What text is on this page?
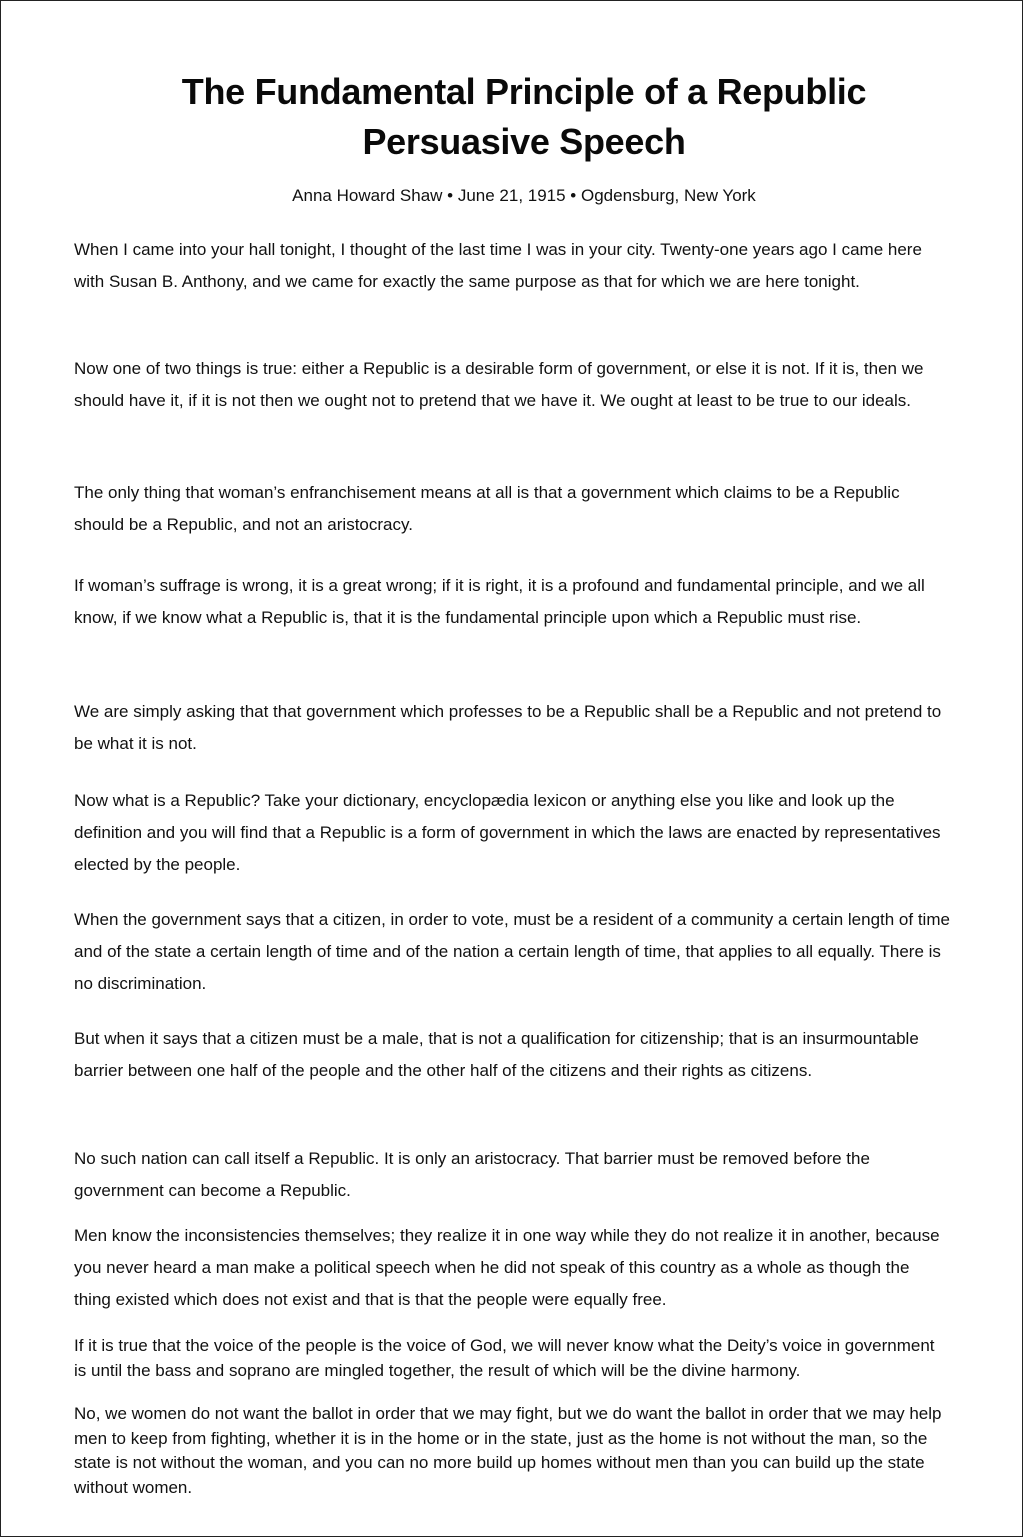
The Fundamental Principle of a Republic Persuasive Speech

Anna Howard Shaw • June 21, 1915 • Ogdensburg, New York

When I came into your hall tonight, I thought of the last time I was in your city. Twenty-one years ago I came here with Susan B. Anthony, and we came for exactly the same purpose as that for which we are here tonight.

Now one of two things is true: either a Republic is a desirable form of government, or else it is not. If it is, then we should have it, if it is not then we ought not to pretend that we have it. We ought at least to be true to our ideals.

The only thing that woman’s enfranchisement means at all is that a government which claims to be a Republic should be a Republic, and not an aristocracy.

If woman’s suffrage is wrong, it is a great wrong; if it is right, it is a profound and fundamental principle, and we all know, if we know what a Republic is, that it is the fundamental principle upon which a Republic must rise.

We are simply asking that that government which professes to be a Republic shall be a Republic and not pretend to be what it is not.

Now what is a Republic? Take your dictionary, encyclopædia lexicon or anything else you like and look up the definition and you will find that a Republic is a form of government in which the laws are enacted by representatives elected by the people.

When the government says that a citizen, in order to vote, must be a resident of a community a certain length of time and of the state a certain length of time and of the nation a certain length of time, that applies to all equally. There is no discrimination.

But when it says that a citizen must be a male, that is not a qualification for citizenship; that is an insurmountable barrier between one half of the people and the other half of the citizens and their rights as citizens.

No such nation can call itself a Republic. It is only an aristocracy. That barrier must be removed before the government can become a Republic.

Men know the inconsistencies themselves; they realize it in one way while they do not realize it in another, because you never heard a man make a political speech when he did not speak of this country as a whole as though the thing existed which does not exist and that is that the people were equally free.

If it is true that the voice of the people is the voice of God, we will never know what the Deity’s voice in government is until the bass and soprano are mingled together, the result of which will be the divine harmony.

No, we women do not want the ballot in order that we may fight, but we do want the ballot in order that we may help men to keep from fighting, whether it is in the home or in the state, just as the home is not without the man, so the state is not without the woman, and you can no more build up homes without men than you can build up the state without women.
